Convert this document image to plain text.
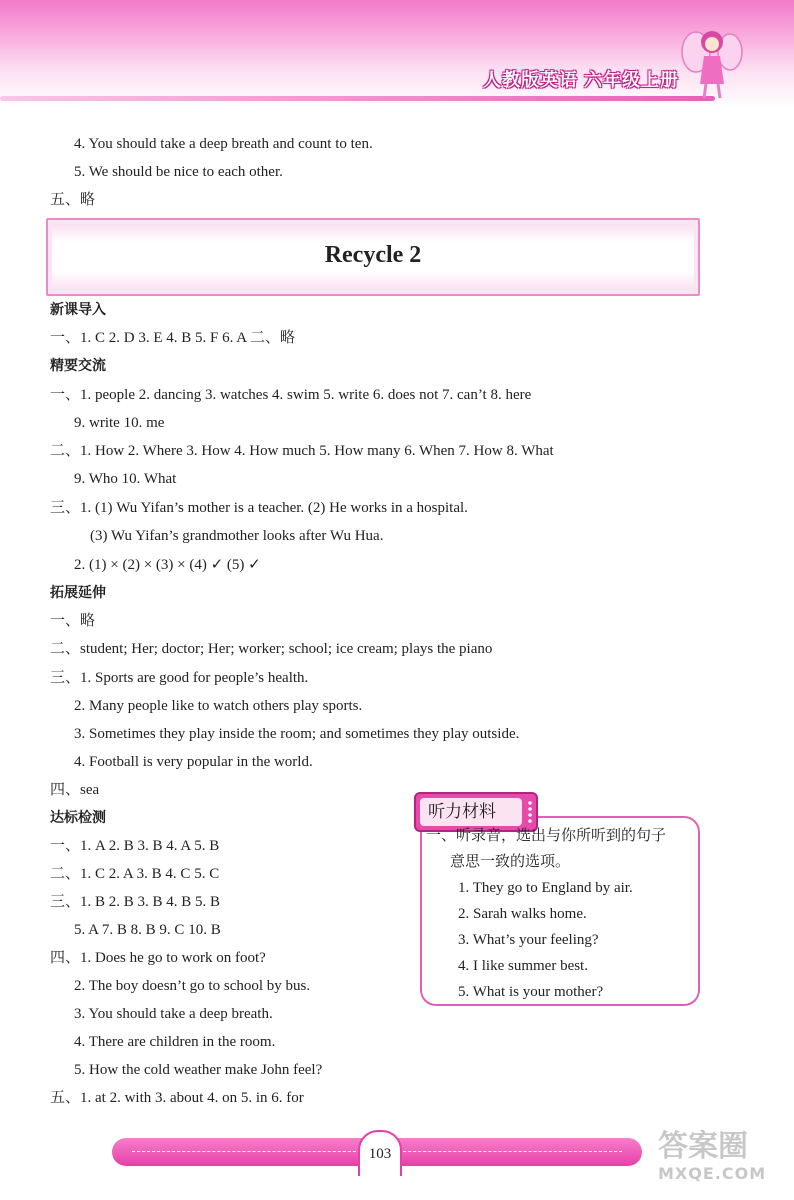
人教版英语 六年级上册
4. You should take a deep breath and count to ten.
5. We should be nice to each other.
五、略
Recycle 2
新课导入
一、1. C 2. D 3. E 4. B 5. F 6. A 二、略
精要交流
一、1. people 2. dancing 3. watches 4. swim 5. write 6. does not 7. can’t 8. here
9. write 10. me
二、1. How 2. Where 3. How 4. How much 5. How many 6. When 7. How 8. What
9. Who 10. What
三、1. (1) Wu Yifan’s mother is a teacher. (2) He works in a hospital.
(3) Wu Yifan’s grandmother looks after Wu Hua.
2. (1) × (2) × (3) × (4) ✓ (5) ✓
拓展延伸
一、略
二、student; Her; doctor; Her; worker; school; ice cream; plays the piano
三、1. Sports are good for people’s health.
2. Many people like to watch others play sports.
3. Sometimes they play inside the room; and sometimes they play outside.
4. Football is very popular in the world.
四、sea
达标检测
一、1. A 2. B 3. B 4. A 5. B
二、1. C 2. A 3. B 4. C 5. C
三、1. B 2. B 3. B 4. B 5. B
5. A 7. B 8. B 9. C 10. B
四、1. Does he go to work on foot?
2. The boy doesn’t go to school by bus.
3. You should take a deep breath.
4. There are children in the room.
5. How the cold weather make John feel?
五、1. at 2. with 3. about 4. on 5. in 6. for
听力材料
一、听录音，选出与你所听到的句子
意思一致的选项。
1. They go to England by air.
2. Sarah walks home.
3. What’s your feeling?
4. I like summer best.
5. What is your mother?
103	答案圈
MXQE.COM
